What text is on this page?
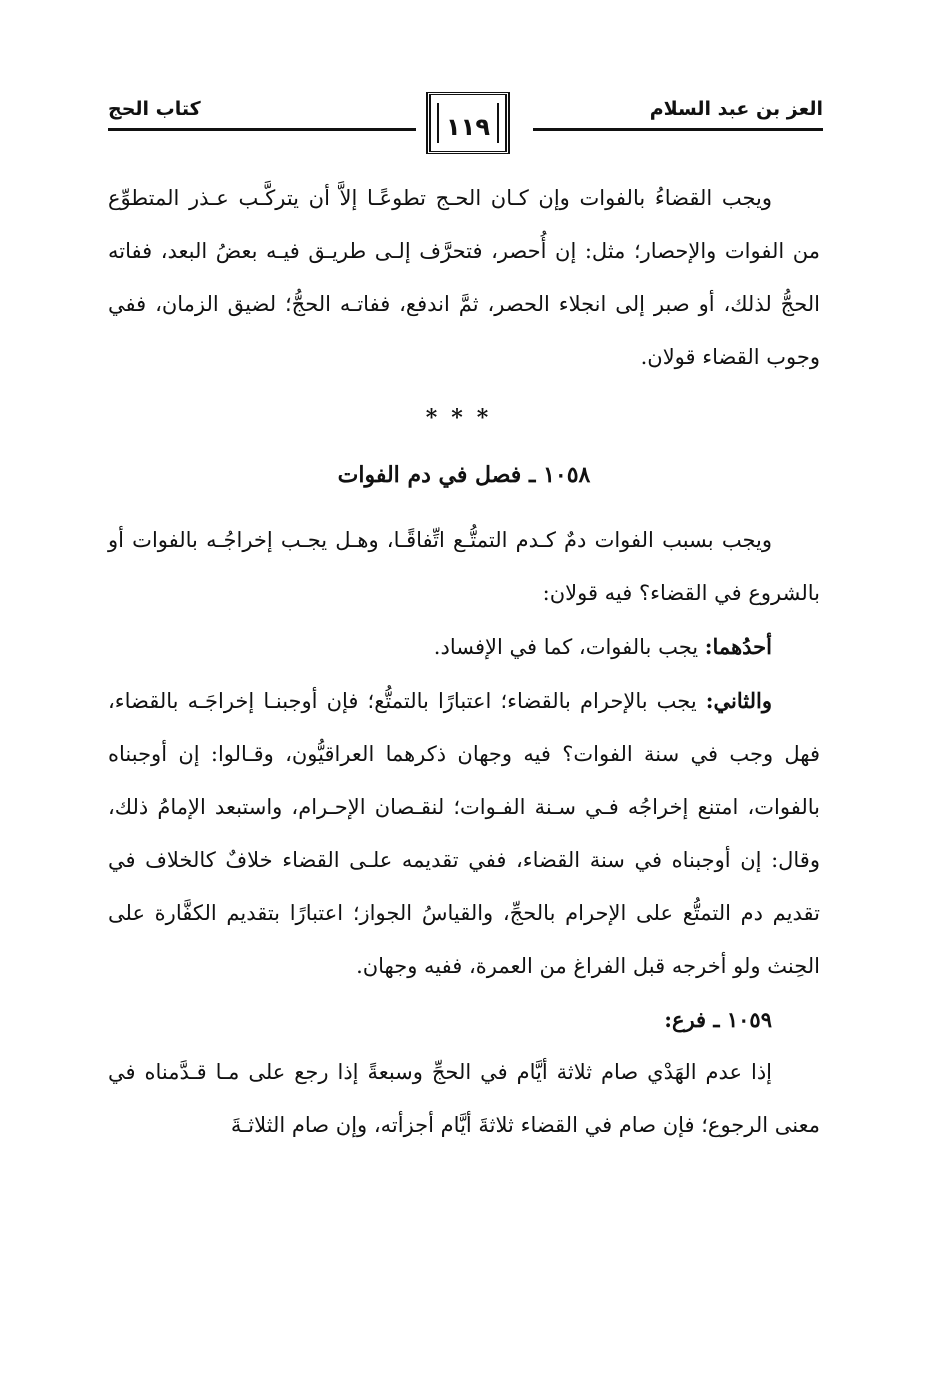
العز بن عبد السلام
١١٩
كتاب الحج

ويجب القضاءُ بالفوات وإن كـان الحـج تطوعًـا إلاَّ أن يتركَّـب عـذر المتطوِّع من الفوات والإحصار؛ مثل: إن أُحصر، فتحرَّف إلـى طريـق فيـه بعضُ البعد، ففاته الحجُّ لذلك، أو صبر إلى انجلاء الحصر، ثمَّ اندفع، ففاتـه الحجُّ؛ لضيق الزمان، ففي وجوب القضاء قولان.

***
١٠٥٨ ـ فصل في دم الفوات

ويجب بسبب الفوات دمٌ كـدم التمتُّـع اتِّفاقًـا، وهـل يجـب إخراجُـه بالفوات أو بالشروع في القضاء؟ فيه قولان:

أحدُهما: يجب بالفوات، كما في الإفساد.

والثاني: يجب بالإحرام بالقضاء؛ اعتبارًا بالتمتُّع؛ فإن أوجبنـا إخراجَـه بالقضاء، فهل وجب في سنة الفوات؟ فيه وجهان ذكرهما العراقيُّون، وقـالوا: إن أوجبناه بالفوات، امتنع إخراجُه فـي سـنة الفـوات؛ لنقـصان الإحـرام، واستبعد الإمامُ ذلك، وقال: إن أوجبناه في سنة القضاء، ففي تقديمه علـى القضاء خلافٌ كالخلاف في تقديم دم التمتُّع على الإحرام بالحجِّ، والقياسُ الجواز؛ اعتبارًا بتقديم الكفَّارة على الحِنث ولو أخرجه قبل الفراغ من العمرة، ففيه وجهان.

١٠٥٩ ـ فرع:

إذا عدم الهَدْي صام ثلاثة أيَّام في الحجِّ وسبعةً إذا رجع على مـا قـدَّمناه في معنى الرجوع؛ فإن صام في القضاء ثلاثةَ أيَّام أجزأته، وإن صام الثلاثـةَ
